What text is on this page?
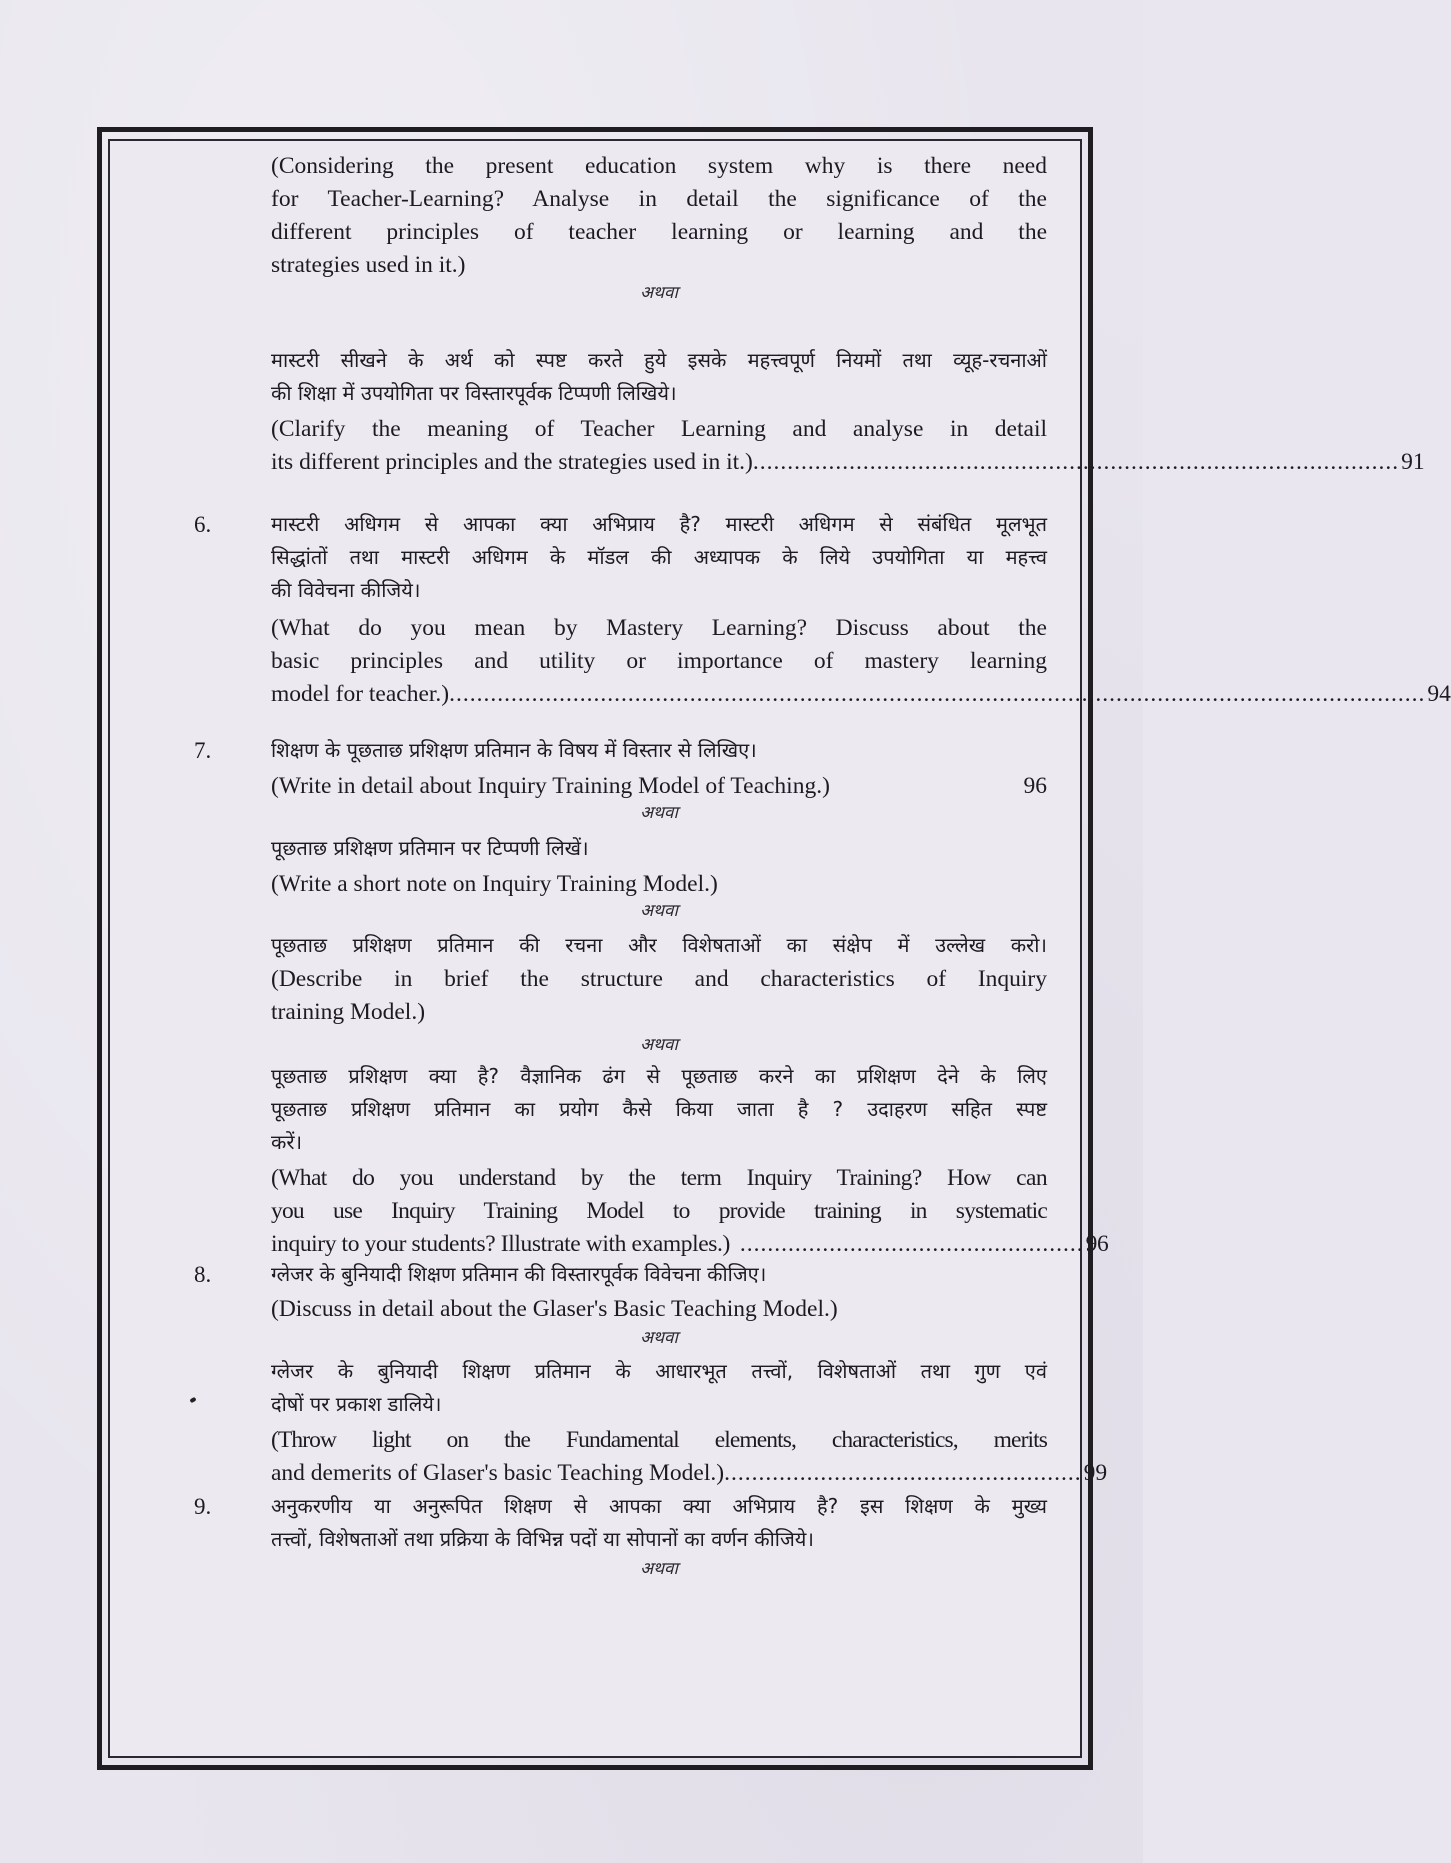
(Considering the present education system why is there need
for Teacher-Learning? Analyse in detail the significance of the
different principles of teacher learning or learning and the
strategies used in it.)
अथवा
मास्टरी सीखने के अर्थ को स्पष्ट करते हुये इसके महत्त्वपूर्ण नियमों तथा व्यूह-रचनाओं
की शिक्षा में उपयोगिता पर विस्तारपूर्वक टिप्पणी लिखिये।
(Clarify the meaning of Teacher Learning and analyse in detail
its different principles and the strategies used in it.) .............................................................................................. 91
6.	मास्टरी अधिगम से आपका क्या अभिप्राय है? मास्टरी अधिगम से संबंधित मूलभूत
सिद्धांतों तथा मास्टरी अधिगम के मॉडल की अध्यापक के लिये उपयोगिता या महत्त्व
की विवेचना कीजिये।
(What do you mean by Mastery Learning? Discuss about the
basic principles and utility or importance of mastery learning
model for teacher.) .............................................................................................................................................. 94
7.	शिक्षण के पूछताछ प्रशिक्षण प्रतिमान के विषय में विस्तार से लिखिए।
(Write in detail about Inquiry Training Model of Teaching.)	96
अथवा
पूछताछ प्रशिक्षण प्रतिमान पर टिप्पणी लिखें।
(Write a short note on Inquiry Training Model.)
अथवा
पूछताछ प्रशिक्षण प्रतिमान की रचना और विशेषताओं का संक्षेप में उल्लेख करो।
(Describe in brief the structure and characteristics of Inquiry
training Model.)
अथवा
पूछताछ प्रशिक्षण क्या है? वैज्ञानिक ढंग से पूछताछ करने का प्रशिक्षण देने के लिए
पूछताछ प्रशिक्षण प्रतिमान का प्रयोग कैसे किया जाता है ? उदाहरण सहित स्पष्ट
करें।
(What do you understand by the term Inquiry Training? How can
you use Inquiry Training Model to provide training in systematic
inquiry to your students? Illustrate with examples.) .................................................. 96
8.	ग्लेजर के बुनियादी शिक्षण प्रतिमान की विस्तारपूर्वक विवेचना कीजिए।
(Discuss in detail about the Glaser's Basic Teaching Model.)
अथवा
ग्लेजर के बुनियादी शिक्षण प्रतिमान के आधारभूत तत्त्वों, विशेषताओं तथा गुण एवं
दोषों पर प्रकाश डालिये।
(Throw light on the Fundamental elements, characteristics, merits
and demerits of Glaser's basic Teaching Model.) .................................................... 99
9.	अनुकरणीय या अनुरूपित शिक्षण से आपका क्या अभिप्राय है? इस शिक्षण के मुख्य
तत्त्वों, विशेषताओं तथा प्रक्रिया के विभिन्न पदों या सोपानों का वर्णन कीजिये।
अथवा
